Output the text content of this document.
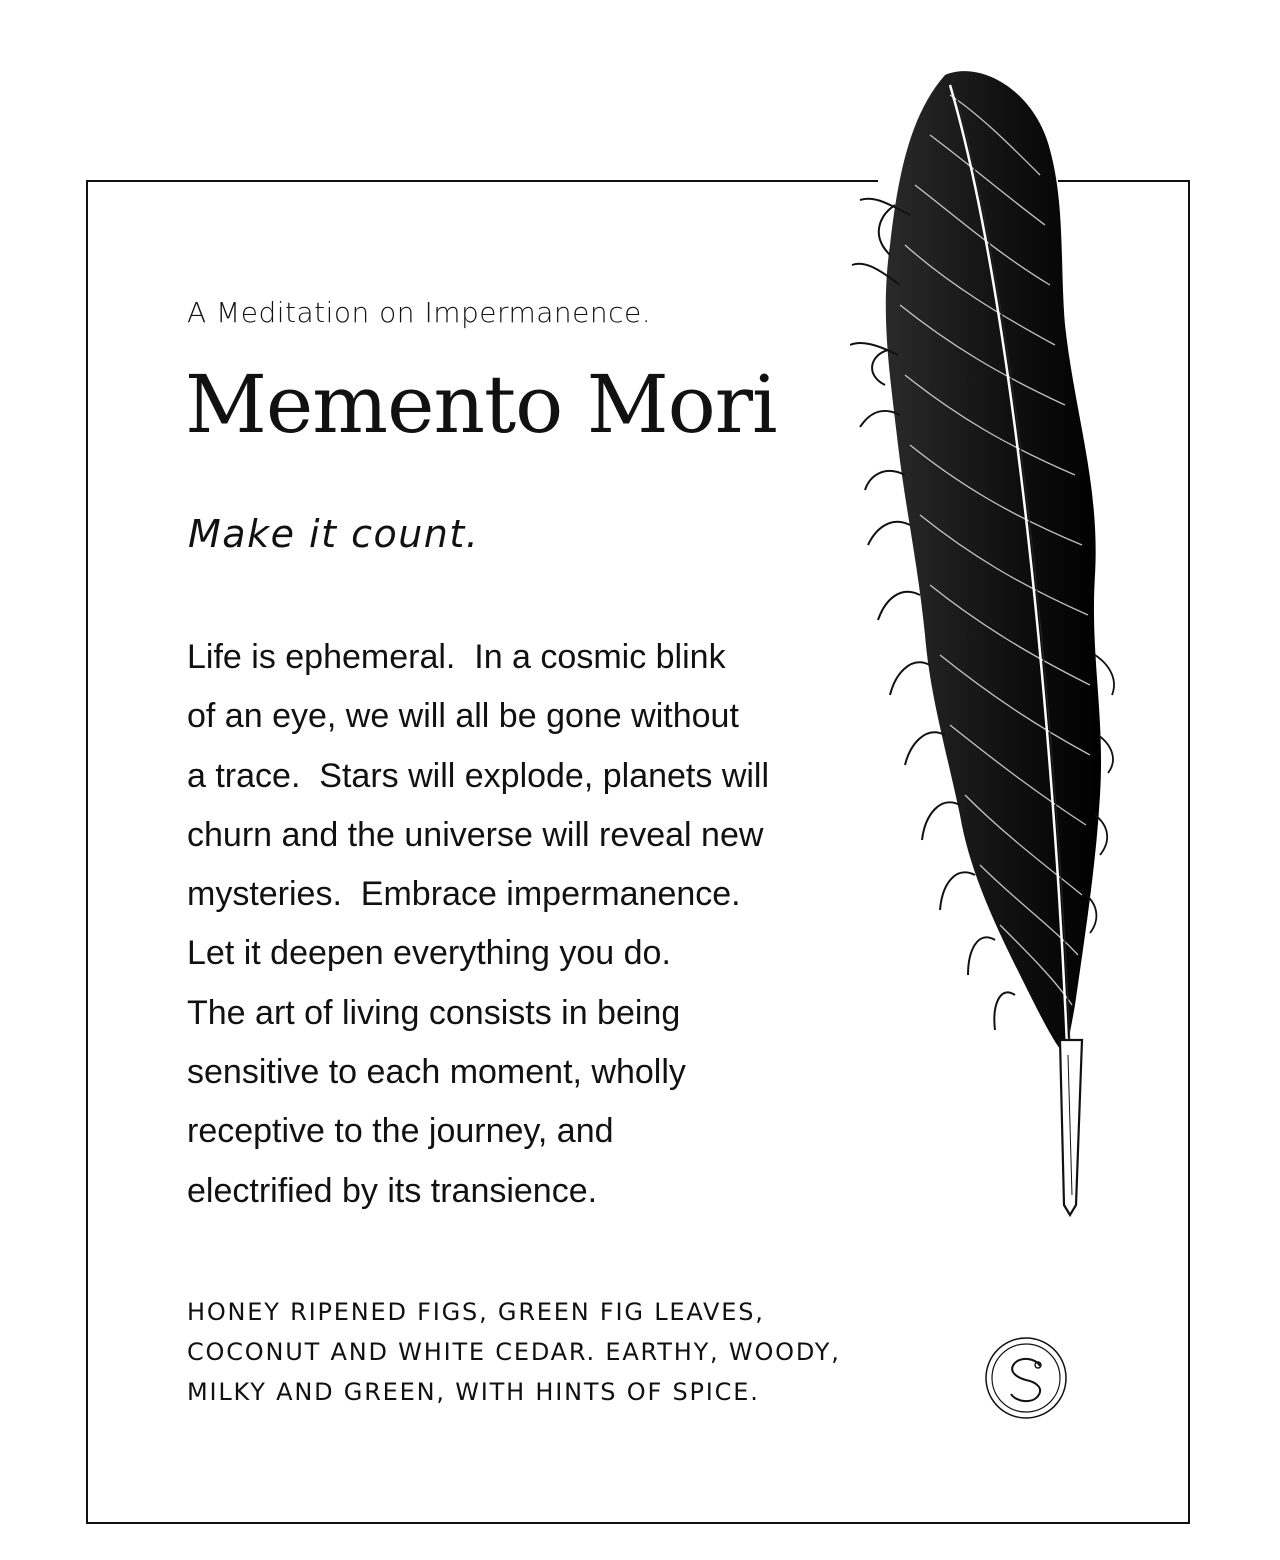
A Meditation on Impermanence.
Memento Mori
Make it count.
Life is ephemeral.  In a cosmic blink
of an eye, we will all be gone without
a trace.  Stars will explode, planets will
churn and the universe will reveal new
mysteries.  Embrace impermanence.
Let it deepen everything you do.
The art of living consists in being
sensitive to each moment, wholly
receptive to the journey, and
electrified by its transience.
HONEY RIPENED FIGS, GREEN FIG LEAVES,
COCONUT AND WHITE CEDAR. EARTHY, WOODY,
MILKY AND GREEN, WITH HINTS OF SPICE.
